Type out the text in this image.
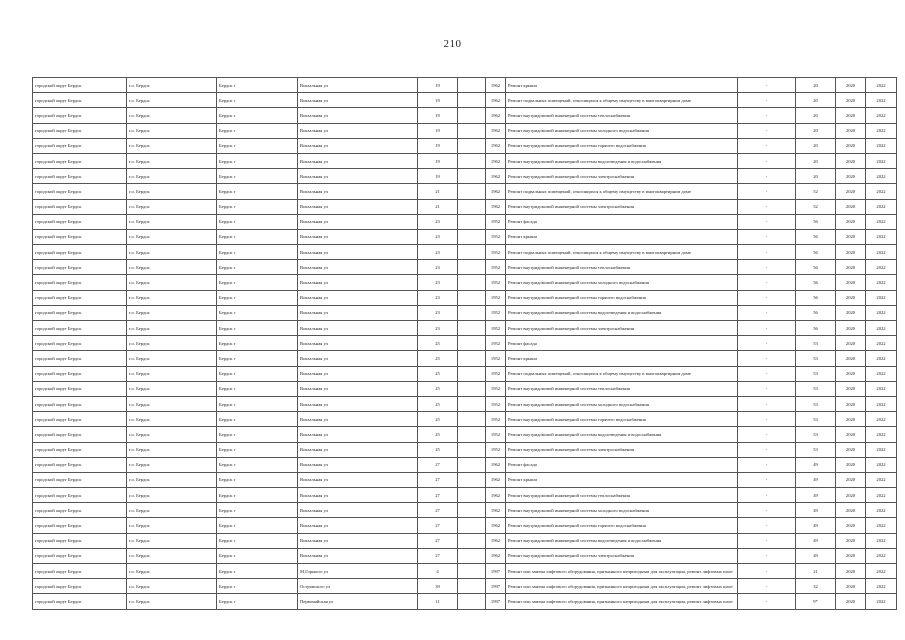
210
городской округ Бердск	г.о. Бердск	Бердск г	Вокзальная ул	19		1962	Ремонт крыши	-	20	2020	2022
городской округ Бердск	г.о. Бердск	Бердск г	Вокзальная ул	19		1962	Ремонт подвальных помещений, относящихся к общему имуществу в многоквартирном доме	-	20	2020	2022
городской округ Бердск	г.о. Бердск	Бердск г	Вокзальная ул	19		1962	Ремонт внутридомовой инженерной системы теплоснабжения	-	20	2020	2022
городской округ Бердск	г.о. Бердск	Бердск г	Вокзальная ул	19		1962	Ремонт внутридомовой инженерной системы холодного водоснабжения	-	20	2020	2022
городской округ Бердск	г.о. Бердск	Бердск г	Вокзальная ул	19		1962	Ремонт внутридомовой инженерной системы горячего водоснабжения	-	20	2020	2022
городской округ Бердск	г.о. Бердск	Бердск г	Вокзальная ул	19		1962	Ремонт внутридомовой инженерной системы водоотведения и водоснабжения	-	20	2020	2022
городской округ Бердск	г.о. Бердск	Бердск г	Вокзальная ул	19		1962	Ремонт внутридомовой инженерной системы электроснабжения	-	20	2020	2022
городской округ Бердск	г.о. Бердск	Бердск г	Вокзальная ул	21		1962	Ремонт подвальных помещений, относящихся к общему имуществу в многоквартирном доме	-	52	2020	2022
городской округ Бердск	г.о. Бердск	Бердск г	Вокзальная ул	21		1962	Ремонт внутридомовой инженерной системы электроснабжения	-	52	2020	2022
городской округ Бердск	г.о. Бердск	Бердск г	Вокзальная ул	23		1952	Ремонт фасада	-	56	2020	2022
городской округ Бердск	г.о. Бердск	Бердск г	Вокзальная ул	23		1952	Ремонт крыши	-	56	2020	2022
городской округ Бердск	г.о. Бердск	Бердск г	Вокзальная ул	23		1952	Ремонт подвальных помещений, относящихся к общему имуществу в многоквартирном доме	-	56	2020	2022
городской округ Бердск	г.о. Бердск	Бердск г	Вокзальная ул	23		1952	Ремонт внутридомовой инженерной системы теплоснабжения	-	56	2020	2022
городской округ Бердск	г.о. Бердск	Бердск г	Вокзальная ул	23		1952	Ремонт внутридомовой инженерной системы холодного водоснабжения	-	56	2020	2022
городской округ Бердск	г.о. Бердск	Бердск г	Вокзальная ул	23		1952	Ремонт внутридомовой инженерной системы горячего водоснабжения	-	56	2020	2022
городской округ Бердск	г.о. Бердск	Бердск г	Вокзальная ул	23		1952	Ремонт внутридомовой инженерной системы водоотведения и водоснабжения	-	56	2020	2022
городской округ Бердск	г.о. Бердск	Бердск г	Вокзальная ул	23		1952	Ремонт внутридомовой инженерной системы электроснабжения	-	56	2020	2022
городской округ Бердск	г.о. Бердск	Бердск г	Вокзальная ул	25		1952	Ремонт фасада	-	53	2020	2022
городской округ Бердск	г.о. Бердск	Бердск г	Вокзальная ул	25		1952	Ремонт крыши	-	53	2020	2022
городской округ Бердск	г.о. Бердск	Бердск г	Вокзальная ул	25		1952	Ремонт подвальных помещений, относящихся к общему имуществу в многоквартирном доме	-	53	2020	2022
городской округ Бердск	г.о. Бердск	Бердск г	Вокзальная ул	25		1952	Ремонт внутридомовой инженерной системы теплоснабжения	-	53	2020	2022
городской округ Бердск	г.о. Бердск	Бердск г	Вокзальная ул	25		1952	Ремонт внутридомовой инженерной системы холодного водоснабжения	-	53	2020	2022
городской округ Бердск	г.о. Бердск	Бердск г	Вокзальная ул	25		1952	Ремонт внутридомовой инженерной системы горячего водоснабжения	-	53	2020	2022
городской округ Бердск	г.о. Бердск	Бердск г	Вокзальная ул	25		1952	Ремонт внутридомовой инженерной системы водоотведения и водоснабжения	-	53	2020	2022
городской округ Бердск	г.о. Бердск	Бердск г	Вокзальная ул	25		1952	Ремонт внутридомовой инженерной системы электроснабжения	-	53	2020	2022
городской округ Бердск	г.о. Бердск	Бердск г	Вокзальная ул	27		1962	Ремонт фасада	-	49	2020	2022
городской округ Бердск	г.о. Бердск	Бердск г	Вокзальная ул	27		1962	Ремонт крыши	-	49	2020	2022
городской округ Бердск	г.о. Бердск	Бердск г	Вокзальная ул	27		1962	Ремонт внутридомовой инженерной системы теплоснабжения	-	49	2020	2022
городской округ Бердск	г.о. Бердск	Бердск г	Вокзальная ул	27		1962	Ремонт внутридомовой инженерной системы холодного водоснабжения	-	49	2020	2022
городской округ Бердск	г.о. Бердск	Бердск г	Вокзальная ул	27		1962	Ремонт внутридомовой инженерной системы горячего водоснабжения	-	49	2020	2022
городской округ Бердск	г.о. Бердск	Бердск г	Вокзальная ул	27		1962	Ремонт внутридомовой инженерной системы водоотведения и водоснабжения	-	49	2020	2022
городской округ Бердск	г.о. Бердск	Бердск г	Вокзальная ул	27		1962	Ремонт внутридомовой инженерной системы электроснабжения	-	49	2020	2022
городской округ Бердск	г.о. Бердск	Бердск г	М.Горького ул	4		1997	Ремонт или замена лифтового оборудования, признанного непригодным для эксплуатации, ремонт лифтовых шахт	-	21	2020	2022
городской округ Бердск	г.о. Бердск	Бердск г	Островского ул	39		1997	Ремонт или замена лифтового оборудования, признанного непригодным для эксплуатации, ремонт лифтовых шахт	-	32	2020	2022
городской округ Бердск	г.о. Бердск	Бердск г	Первомайская ул	11		1997	Ремонт или замена лифтового оборудования, признанного непригодным для эксплуатации, ремонт лифтовых шахт	-	9*	2020	2022
